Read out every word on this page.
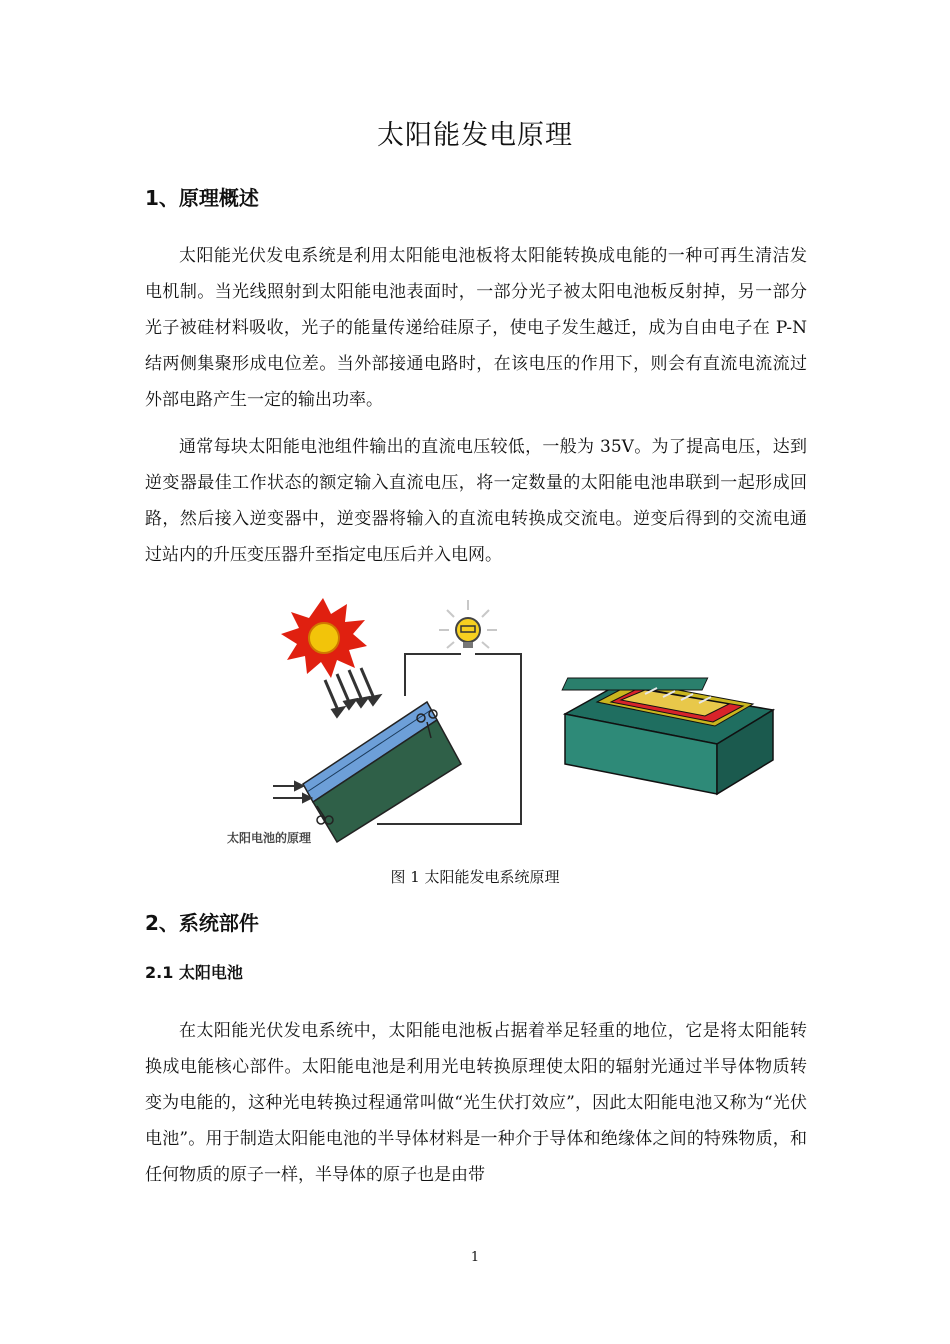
太阳能发电原理
1、原理概述

太阳能光伏发电系统是利用太阳能电池板将太阳能转换成电能的一种可再生清洁发电机制。当光线照射到太阳能电池表面时，一部分光子被太阳电池板反射掉，另一部分光子被硅材料吸收，光子的能量传递给硅原子，使电子发生越迁，成为自由电子在 P-N 结两侧集聚形成电位差。当外部接通电路时，在该电压的作用下，则会有直流电流流过外部电路产生一定的输出功率。

通常每块太阳能电池组件输出的直流电压较低，一般为 35V。为了提高电压，达到逆变器最佳工作状态的额定输入直流电压，将一定数量的太阳能电池串联到一起形成回路，然后接入逆变器中，逆变器将输入的直流电转换成交流电。逆变后得到的交流电通过站内的升压变压器升至指定电压后并入电网。

太阳电池的原理
图 1 太阳能发电系统原理
2、系统部件
2.1 太阳电池

在太阳能光伏发电系统中，太阳能电池板占据着举足轻重的地位，它是将太阳能转换成电能核心部件。太阳能电池是利用光电转换原理使太阳的辐射光通过半导体物质转变为电能的，这种光电转换过程通常叫做“光生伏打效应”，因此太阳能电池又称为“光伏电池”。用于制造太阳能电池的半导体材料是一种介于导体和绝缘体之间的特殊物质，和任何物质的原子一样，半导体的原子也是由带

1
